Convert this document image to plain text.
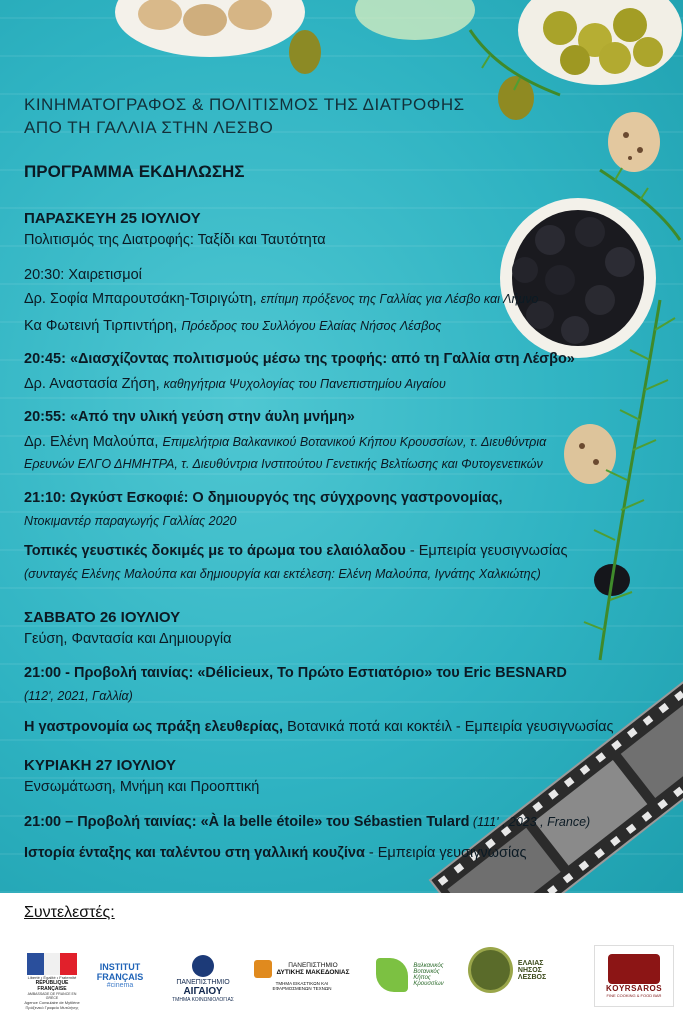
ΚΙΝΗΜΑΤΟΓΡΑΦΟΣ & ΠΟΛΙΤΙΣΜΟΣ ΤΗΣ ΔΙΑΤΡΟΦΗΣ

ΑΠΟ ΤΗ ΓΑΛΛΙΑ ΣΤΗΝ ΛΕΣΒΟ

ΠΡΟΓΡΑΜΜΑ ΕΚΔΗΛΩΣΗΣ

ΠΑΡΑΣΚΕΥΗ 25 ΙΟΥΛΙΟΥ

Πολιτισμός της Διατροφής: Ταξίδι και Ταυτότητα

20:30: Χαιρετισμοί

Δρ. Σοφία Μπαρουτσάκη-Τσιριγώτη, επίτιμη πρόξενος της Γαλλίας για Λέσβο και Λήμνο

Κα Φωτεινή Τιρπιντήρη, Πρόεδρος του Συλλόγου Ελαίας Νήσος Λέσβος

20:45: «Διασχίζοντας πολιτισμούς μέσω της τροφής: από τη Γαλλία στη Λέσβο»

Δρ. Αναστασία Ζήση, καθηγήτρια Ψυχολογίας του Πανεπιστημίου Αιγαίου

20:55: «Από την υλική γεύση στην άυλη μνήμη»

Δρ. Ελένη Μαλούπα, Επιμελήτρια Βαλκανικού Βοτανικού Κήπου Κρουσσίων, τ. Διευθύντρια

Ερευνών ΕΛΓΟ ΔΗΜΗΤΡΑ, τ. Διευθύντρια Ινστιτούτου Γενετικής Βελτίωσης και Φυτογενετικών

21:10: Ωγκύστ Εσκοφιέ: Ο δημιουργός της σύγχρονης γαστρονομίας,

Ντοκιμαντέρ παραγωγής Γαλλίας 2020

Τοπικές γευστικές δοκιμές με το άρωμα του ελαιόλαδου - Εμπειρία γευσιγνωσίας

(συνταγές Ελένης Μαλούπα και δημιουργία και εκτέλεση: Ελένη Μαλούπα, Ιγνάτης Χαλκιώτης)

ΣΑΒΒΑΤΟ 26 ΙΟΥΛΙΟΥ

Γεύση, Φαντασία και Δημιουργία

21:00 - Προβολή ταινίας: «Délicieux, Το Πρώτο Εστιατόριο» του Eric BESNARD

(112', 2021, Γαλλία)

Η γαστρονομία ως πράξη ελευθερίας, Βοτανικά ποτά και κοκτέιλ - Εμπειρία γευσιγνωσίας

ΚΥΡΙΑΚΗ 27 ΙΟΥΛΙΟΥ

Ενσωμάτωση, Μνήμη και Προοπτική

21:00 – Προβολή ταινίας: «À la belle étoile» του Sébastien Tulard (111' , 2023 , France)

Ιστορία ένταξης και ταλέντου στη γαλλική κουζίνα - Εμπειρία γευσιγνωσίας

Συντελεστές:
Liberté • Égalité • Fraternité
RÉPUBLIQUE FRANÇAISE
AMBASSADE DE FRANCE EN GRÈCE
Agence Consulaire de Mytilène
Πρόξενικό Γραφείο Μυτιλήνης
INSTITUT
FRANÇAIS
#cinema	ΠΑΝΕΠΙΣΤΗΜΙΟ
ΑΙΓΑΙΟΥ
ΤΜΗΜΑ ΚΟΙΝΩΝΙΟΛΟΓΙΑΣ
ΠΑΝΕΠΙΣΤΗΜΙΟ
ΔΥΤΙΚΗΣ ΜΑΚΕΔΟΝΙΑΣ
ΤΜΗΜΑ ΕΙΚΑΣΤΙΚΩΝ ΚΑΙ
ΕΦΑΡΜΟΣΜΕΝΩΝ ΤΕΧΝΩΝ
Βαλκανικός
Βοτανικός
Κήπος
Κρουσσίων
ΕΛΑΙΑΣ ΝΗΣΟΣ
ΛΕΣΒΟΣ
KOYRSAROS
FINE COOKING & FOOD BAR
